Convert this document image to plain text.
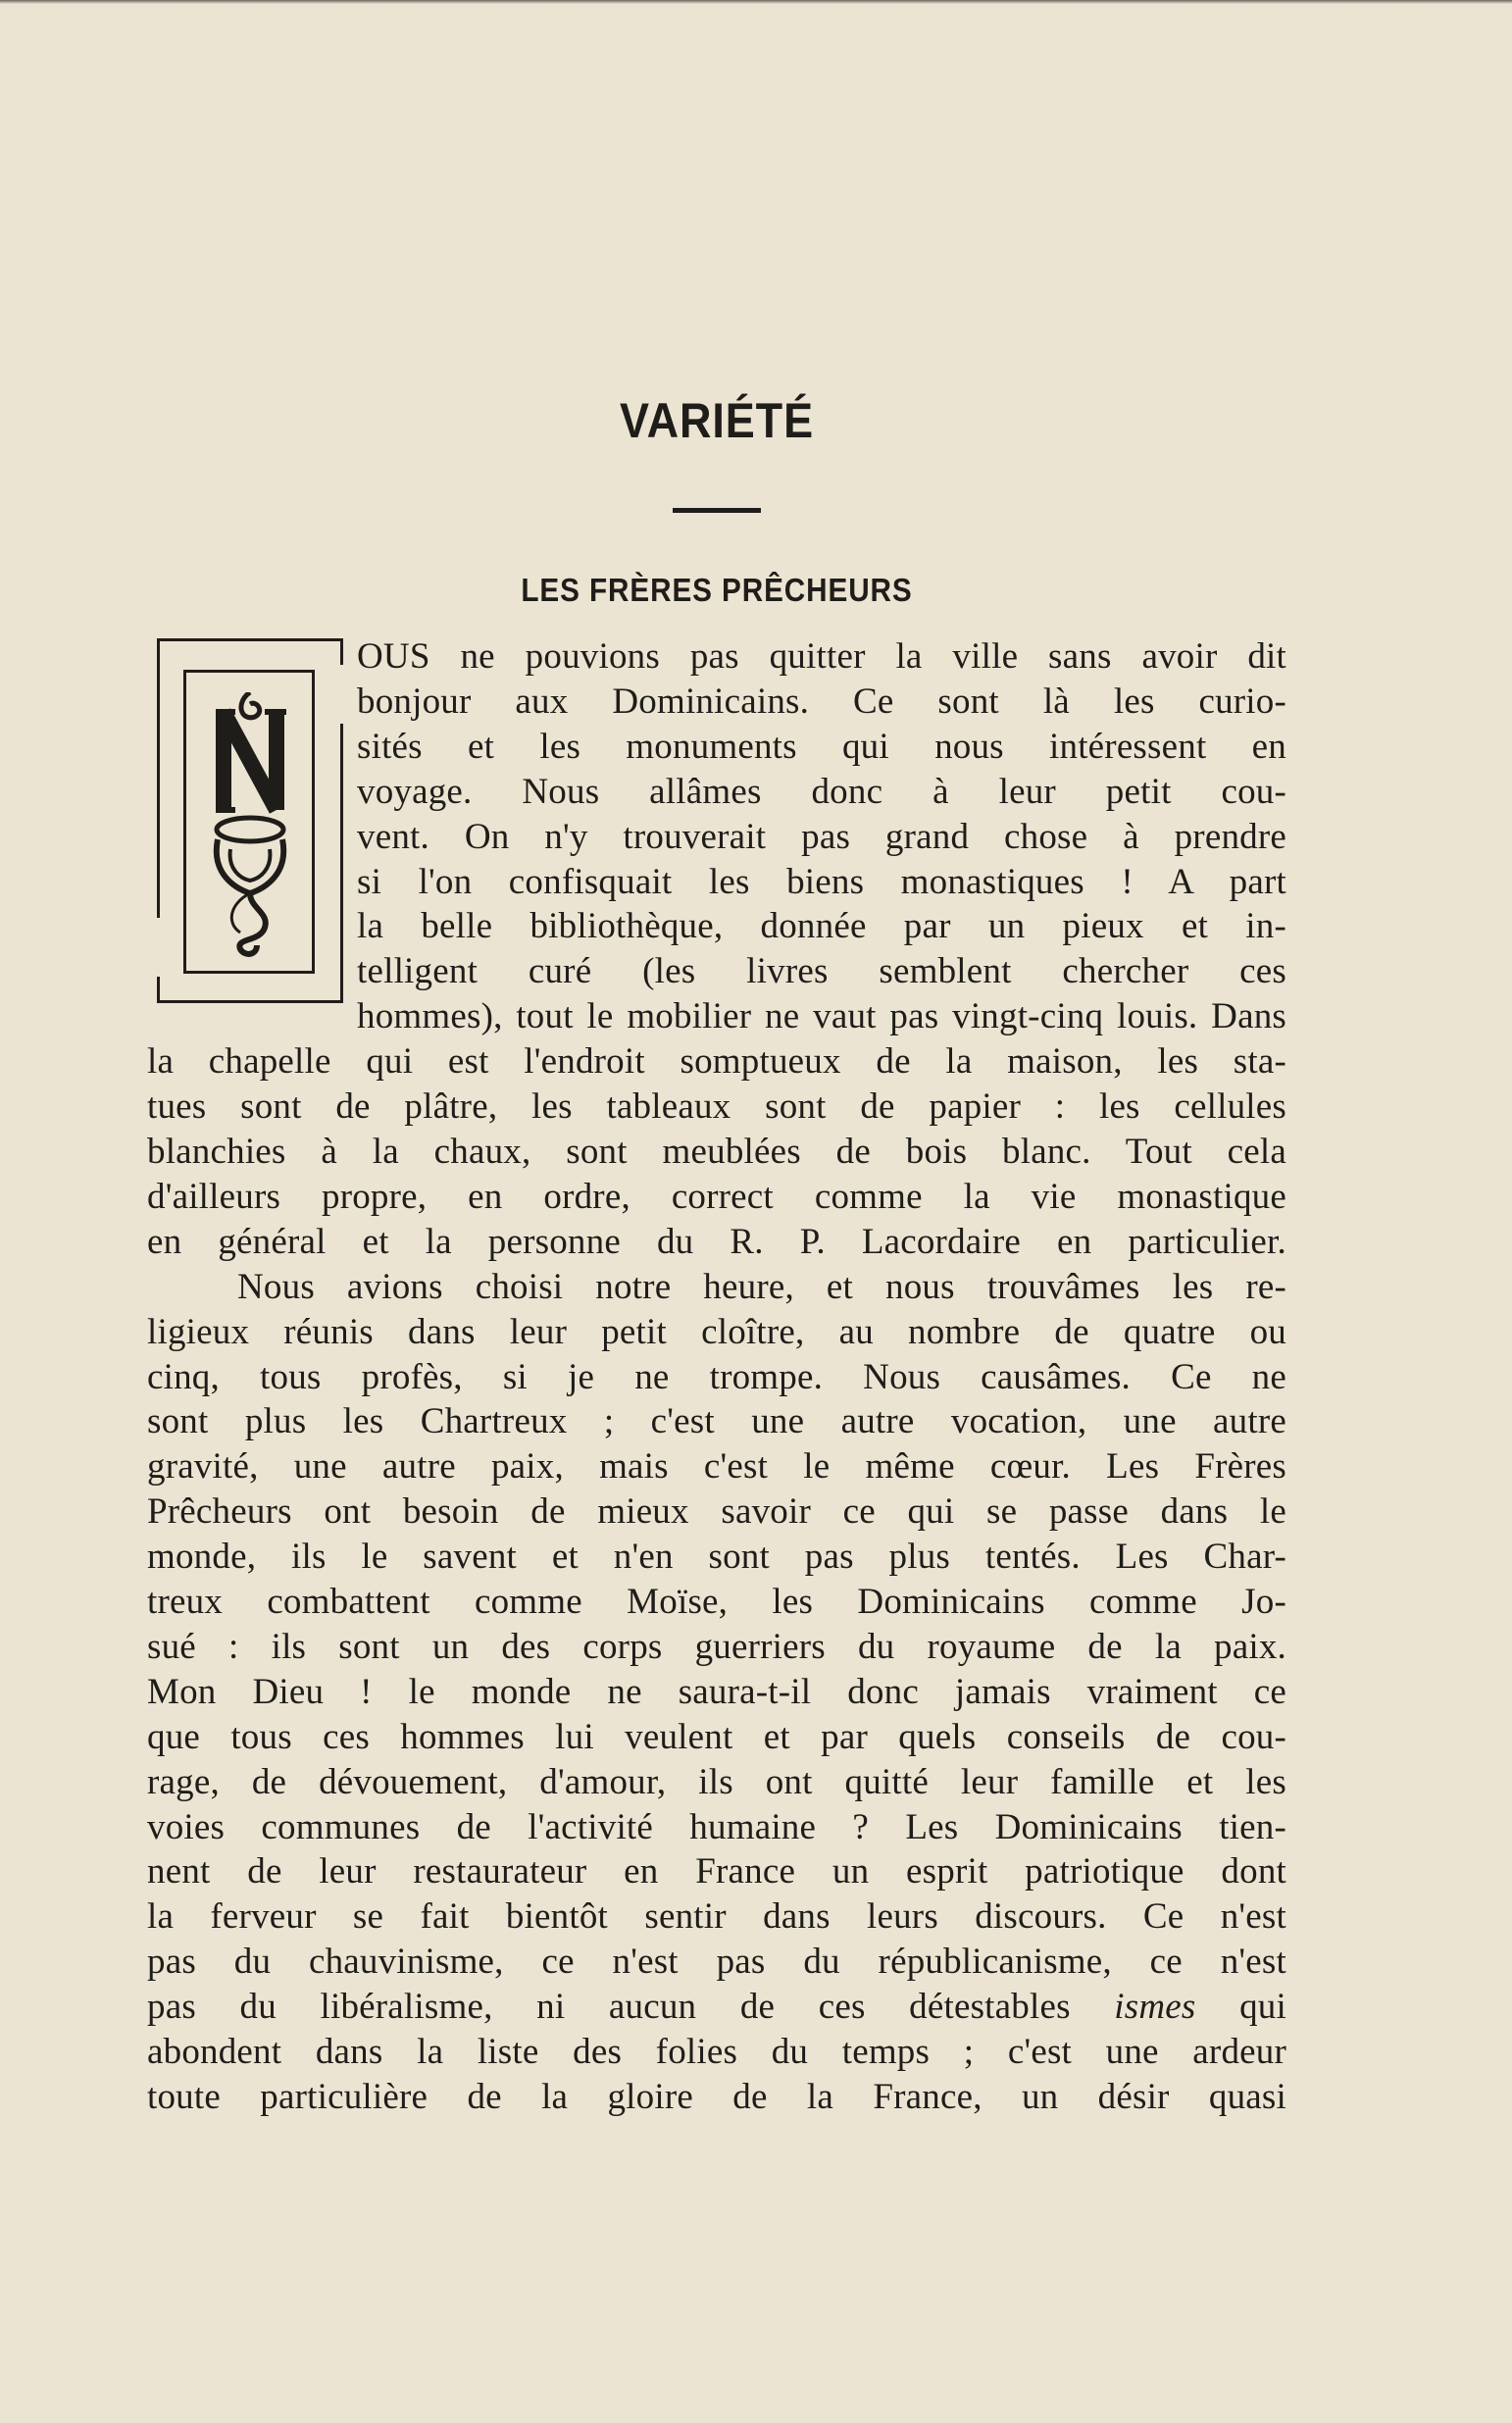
VARIÉTÉ
LES FRÈRES PRÊCHEURS
OUS ne pouvions pas quitter la ville sans avoir dit
bonjour aux Dominicains. Ce sont là les curio-
sités et les monuments qui nous intéressent en
voyage. Nous allâmes donc à leur petit cou-
vent. On n'y trouverait pas grand chose à prendre
si l'on confisquait les biens monastiques ! A part
la belle bibliothèque, donnée par un pieux et in-
telligent curé (les livres semblent chercher ces
hommes), tout le mobilier ne vaut pas vingt-cinq louis. Dans
la chapelle qui est l'endroit somptueux de la maison, les sta-
tues sont de plâtre, les tableaux sont de papier : les cellules
blanchies à la chaux, sont meublées de bois blanc. Tout cela
d'ailleurs propre, en ordre, correct comme la vie monastique
en général et la personne du R. P. Lacordaire en particulier.
Nous avions choisi notre heure, et nous trouvâmes les re-
ligieux réunis dans leur petit cloître, au nombre de quatre ou
cinq, tous profès, si je ne trompe. Nous causâmes. Ce ne
sont plus les Chartreux ; c'est une autre vocation, une autre
gravité, une autre paix, mais c'est le même cœur. Les Frères
Prêcheurs ont besoin de mieux savoir ce qui se passe dans le
monde, ils le savent et n'en sont pas plus tentés. Les Char-
treux combattent comme Moïse, les Dominicains comme Jo-
sué : ils sont un des corps guerriers du royaume de la paix.
Mon Dieu ! le monde ne saura-t-il donc jamais vraiment ce
que tous ces hommes lui veulent et par quels conseils de cou-
rage, de dévouement, d'amour, ils ont quitté leur famille et les
voies communes de l'activité humaine ? Les Dominicains tien-
nent de leur restaurateur en France un esprit patriotique dont
la ferveur se fait bientôt sentir dans leurs discours. Ce n'est
pas du chauvinisme, ce n'est pas du républicanisme, ce n'est
pas du libéralisme, ni aucun de ces détestables ismes qui
abondent dans la liste des folies du temps ; c'est une ardeur
toute particulière de la gloire de la France, un désir quasi
